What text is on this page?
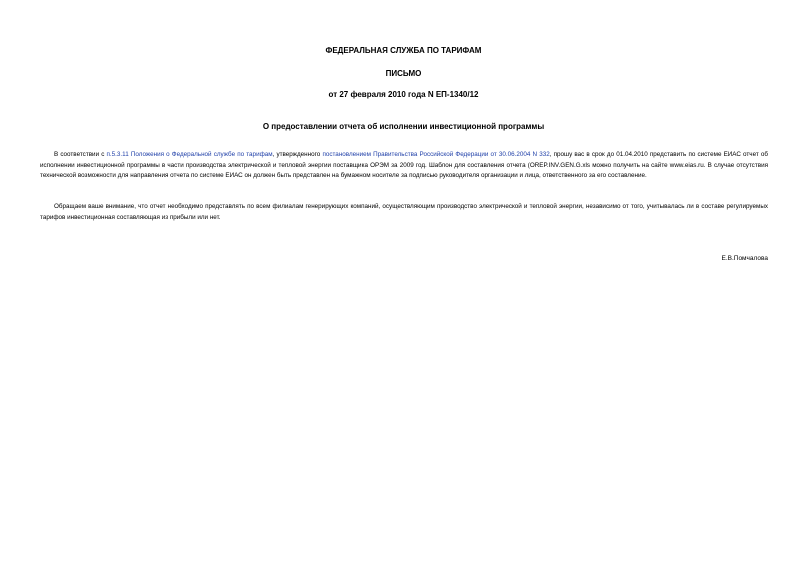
ФЕДЕРАЛЬНАЯ СЛУЖБА ПО ТАРИФАМ
ПИСЬМО
от 27 февраля 2010 года N ЕП-1340/12
О предоставлении отчета об исполнении инвестиционной программы

В соответствии с п.5.3.11 Положения о Федеральной службе по тарифам, утвержденного постановлением Правительства Российской Федерации от 30.06.2004 N 332, прошу вас в срок до 01.04.2010 представить по системе ЕИАС отчет об исполнении инвестиционной программы в части производства электрической и тепловой энергии поставщика ОРЭМ за 2009 год. Шаблон для составления отчета (OREP.INV.GEN.G.xls можно получить на сайте www.eias.ru. В случае отсутствия технической возможности для направления отчета по системе ЕИАС он должен быть представлен на бумажном носителе за подписью руководителя организации и лица, ответственного за его составление.

Обращаем ваше внимание, что отчет необходимо представлять по всем филиалам генерирующих компаний, осуществляющим производство электрической и тепловой энергии, независимо от того, учитывалась ли в составе регулируемых тарифов инвестиционная составляющая из прибыли или нет.

Е.В.Помчалова
